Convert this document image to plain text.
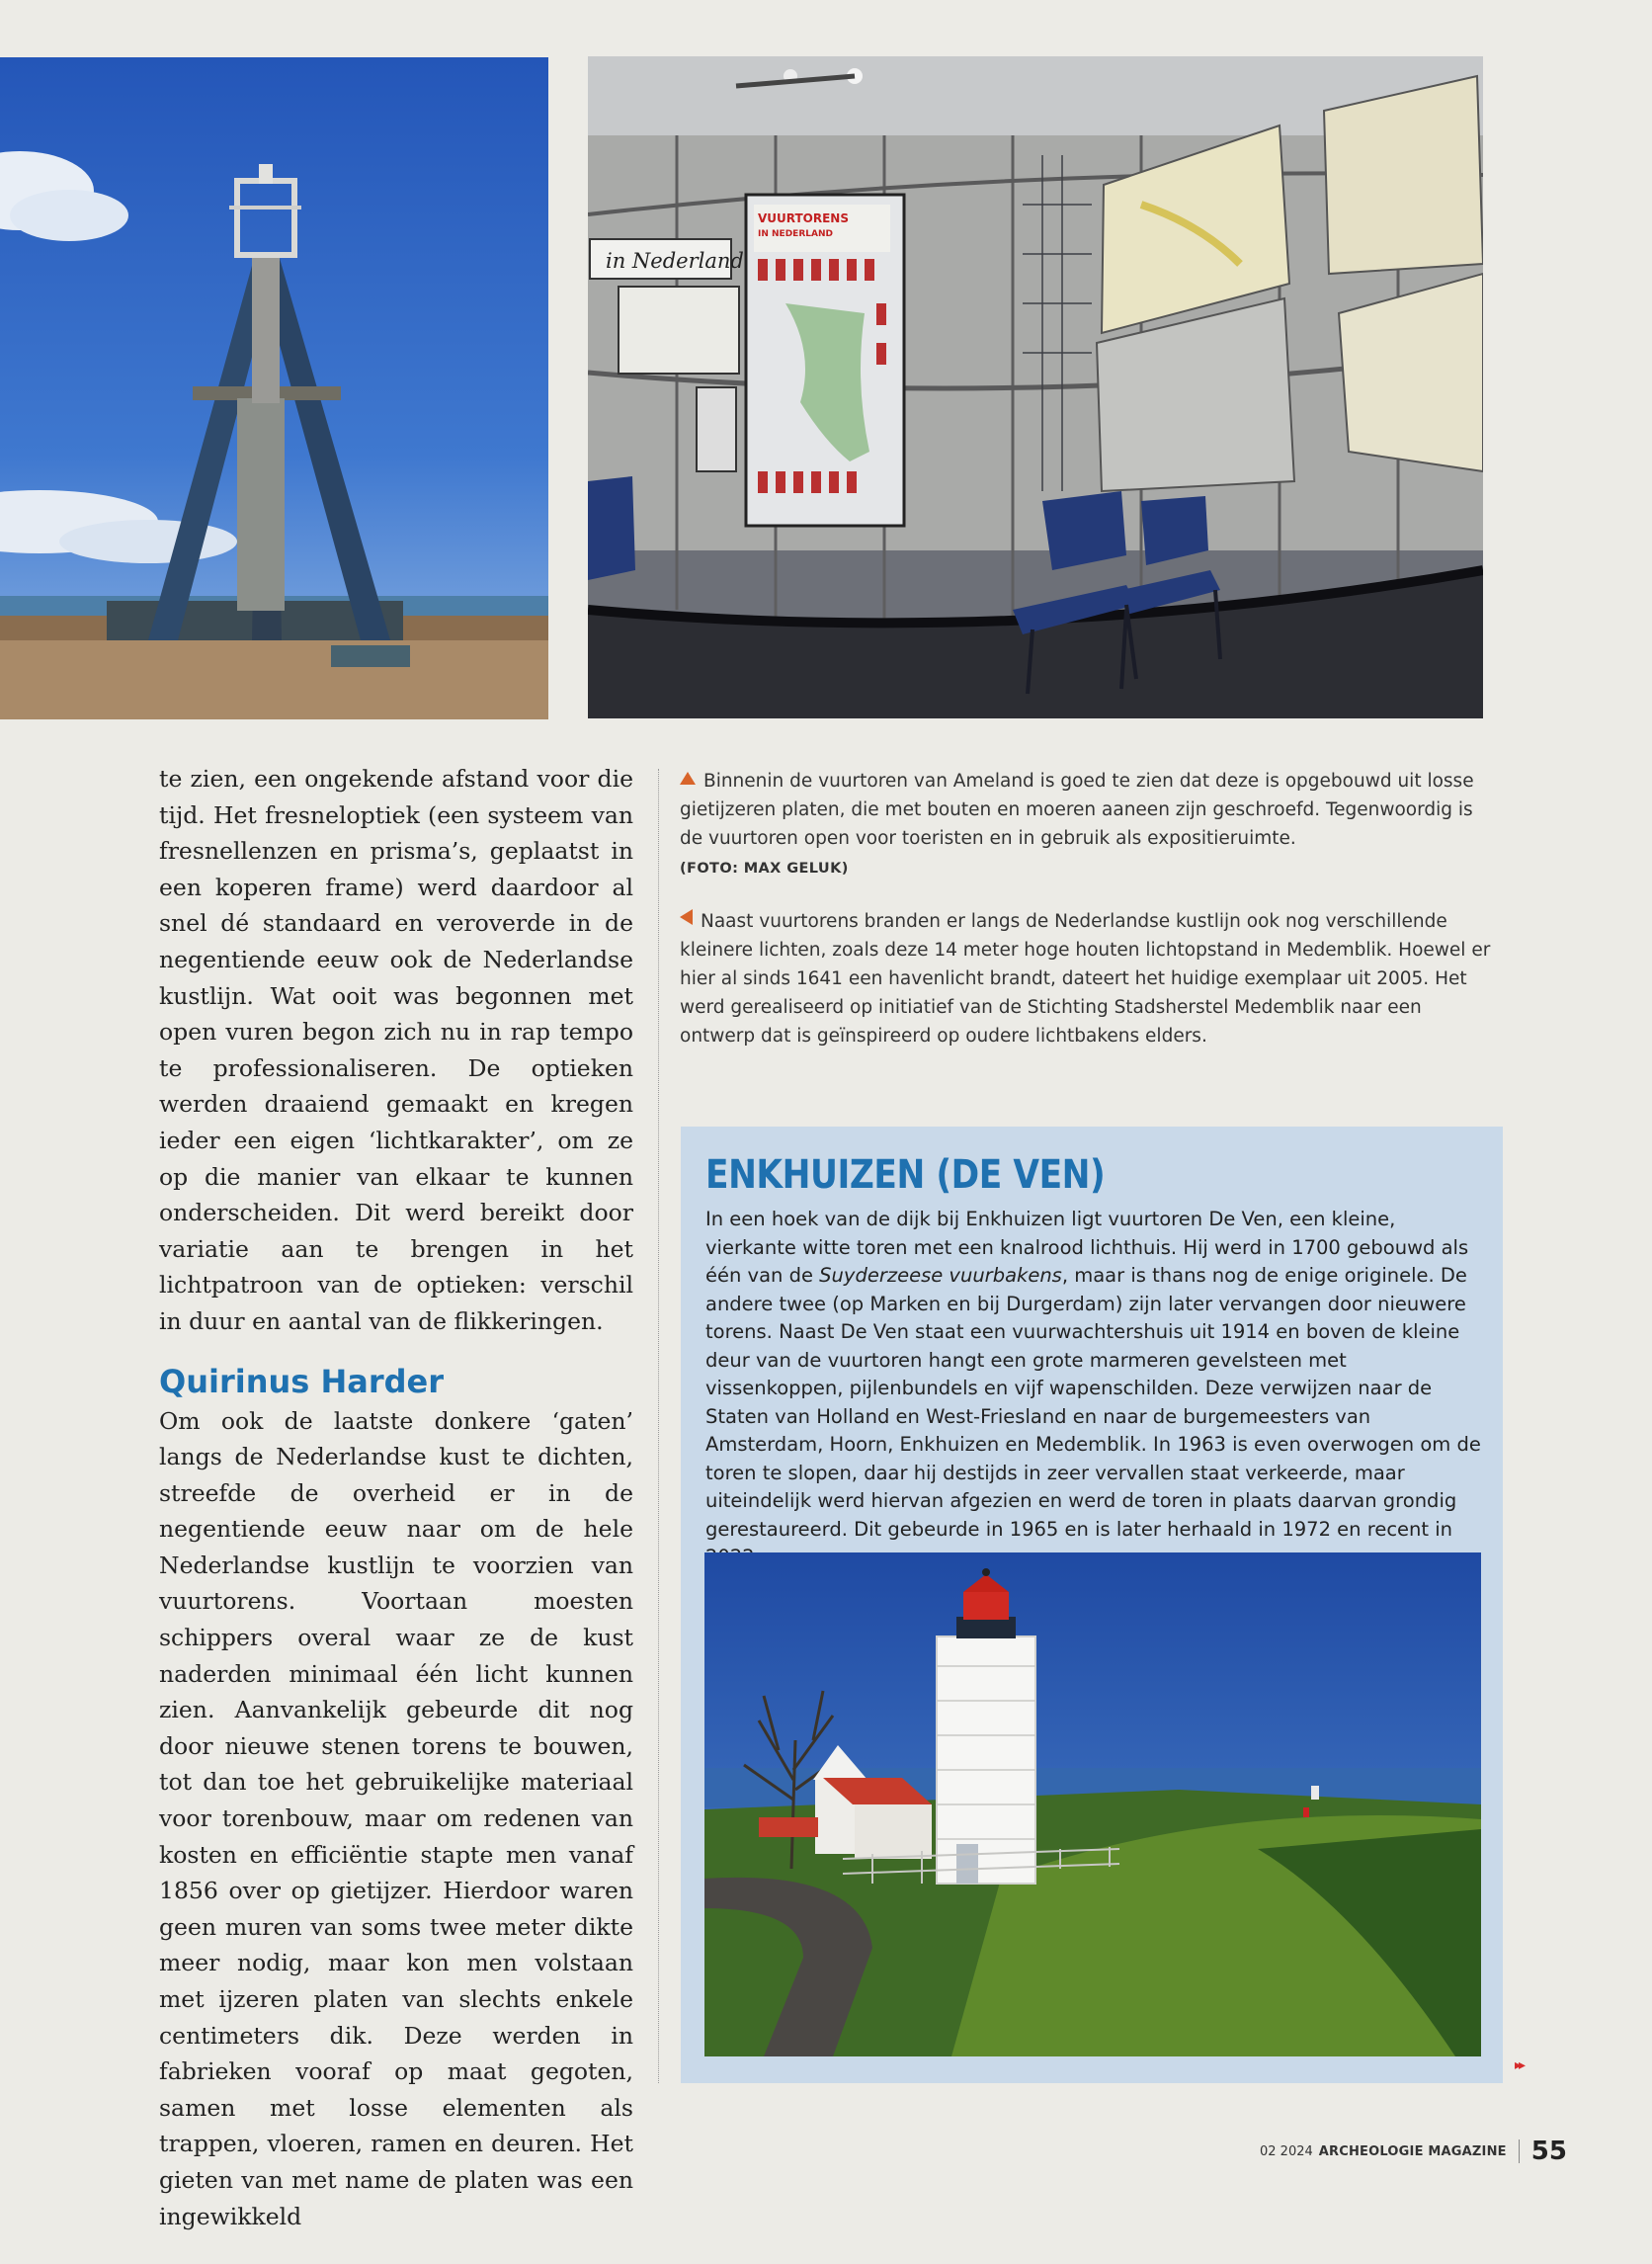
in Nederland
VUURTORENS
IN NEDERLAND

te zien, een ongekende afstand voor die tijd. Het fresneloptiek (een systeem van fresnellenzen en prisma’s, geplaatst in een koperen frame) werd daardoor al snel dé standaard en veroverde in de negentiende eeuw ook de Nederlandse kustlijn. Wat ooit was begonnen met open vuren begon zich nu in rap tempo te professionaliseren. De optieken werden draaiend gemaakt en kregen ieder een eigen ‘lichtkarakter’, om ze op die manier van elkaar te kunnen onderscheiden. Dit werd bereikt door variatie aan te brengen in het lichtpatroon van de optieken: verschil in duur en aantal van de flikkeringen.

Quirinus Harder

Om ook de laatste donkere ‘gaten’ langs de Nederlandse kust te dichten, streefde de overheid er in de negentiende eeuw naar om de hele Nederlandse kustlijn te voorzien van vuurtorens. Voortaan moesten schippers overal waar ze de kust naderden minimaal één licht kunnen zien. Aanvankelijk gebeurde dit nog door nieuwe stenen torens te bouwen, tot dan toe het gebruikelijke materiaal voor torenbouw, maar om redenen van kosten en efficiëntie stapte men vanaf 1856 over op gietijzer. Hierdoor waren geen muren van soms twee meter dikte meer nodig, maar kon men volstaan met ijzeren platen van slechts enkele centimeters dik. Deze werden in fabrieken vooraf op maat gegoten, samen met losse elementen als trappen, vloeren, ramen en deuren. Het gieten van met name de platen was een ingewikkeld

Binnenin de vuurtoren van Ameland is goed te zien dat deze is opgebouwd uit losse gietijzeren platen, die met bouten en moeren aaneen zijn geschroefd. Tegenwoordig is de vuurtoren open voor toeristen en in gebruik als expositieruimte.
(FOTO: MAX GELUK)
Naast vuurtorens branden er langs de Nederlandse kustlijn ook nog verschillende kleinere lichten, zoals deze 14 meter hoge houten lichtopstand in Medemblik. Hoewel er hier al sinds 1641 een havenlicht brandt, dateert het huidige exemplaar uit 2005. Het werd gerealiseerd op initiatief van de Stichting Stadsherstel Medemblik naar een ontwerp dat is geïnspireerd op oudere lichtbakens elders.
ENKHUIZEN (DE VEN)
In een hoek van de dijk bij Enkhuizen ligt vuurtoren De Ven, een kleine, vierkante witte toren met een knalrood lichthuis. Hij werd in 1700 gebouwd als één van de Suyderzeese vuurbakens, maar is thans nog de enige originele. De andere twee (op Marken en bij Durgerdam) zijn later vervangen door nieuwere torens. Naast De Ven staat een vuurwachtershuis uit 1914 en boven de kleine deur van de vuurtoren hangt een grote marmeren gevelsteen met vissenkoppen, pijlenbundels en vijf wapenschilden. Deze verwijzen naar de Staten van Holland en West-Friesland en naar de burgemeesters van Amsterdam, Hoorn, Enkhuizen en Medemblik. In 1963 is even overwogen om de toren te slopen, daar hij destijds in zeer vervallen staat verkeerde, maar uiteindelijk werd hiervan afgezien en werd de toren in plaats daarvan grondig gerestaureerd. Dit gebeurde in 1965 en is later herhaald in 1972 en recent in
▸▸
02 2024 ARCHEOLOGIE MAGAZINE 55
